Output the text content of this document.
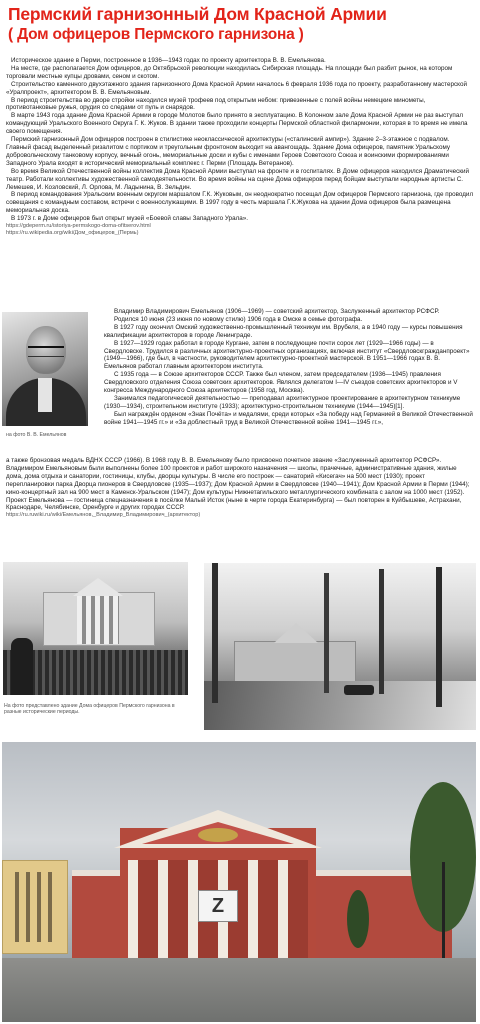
Пермский гарнизонный Дом Красной Армии
( Дом офицеров Пермского гарнизона )

Историческое здание в Перми, построенное в 1936—1943 годах по проекту архитектора В. В. Емельянова.

На месте, где располагается Дом офицеров, до Октябрьской революции находилась Сибирская площадь. На площади был разбит рынок, на котором торговали местные купцы дровами, сеном и скотом.

Строительство каменного двухэтажного здания гарнизонного Дома Красной Армии началось 6 февраля 1936 года по проекту, разработанному мастерской «Уралпроект», архитектором В. В. Емельяновым.

В период строительства во дворе стройки находился музей трофеев под открытым небом: привезенные с полей войны немецкие минометы, противотанковые ружья, орудия со следами от пуль и снарядов.

В марте 1943 года здание Дома Красной Армии в городе Молотов было принято в эксплуатацию. В Колонном зале Дома Красной Армии не раз выступал командующий Уральского Военного Округа Г. К. Жуков. В здании также проходили концерты Пермской областной филармонии, которая в то время не имела своего помещения.

Пермский гарнизонный Дом офицеров построен в стилистике неоклассической архитектуры («сталинский ампир»). Здание 2–3-этажное с подвалом. Главный фасад выделенный ризалитом с портиком и треугольным фронтоном выходит на авангощадь. Здание Дома офицеров, памятник Уральскому добровольческому танковому корпусу, вечный огонь, мемориальные доски и кубы с именами Героев Советского Союза и воинскими формированиями Западного Урала входят в исторический мемориальный комплекс г. Перми (Площадь Ветеранов).

Во время Великой Отечественной войны коллектив Дома Красной Армии выступал на фронте и в госпиталях. В Доме офицеров находился Драматический театр. Работали коллективы художественной самодеятельности. Во время войны на сцене Дома офицеров перед бойцам выступали народные артисты С. Лемешев, И. Козловский, Л. Орлова, М. Ладынина, В. Зельдин.

В период командования Уральским военным округом маршалом Г.К. Жуковым, он неоднократно посещал Дом офицеров Пермского гарнизона, где проводил совещания с командным составом, встречи с военнослужащими. В 1997 году в честь маршала Г.К.Жукова на здании Дома офицеров была размещена мемориальная доска.

В 1973 г. в Доме офицеров был открыт музей «Боевой славы Западного Урала».

https://gdeperm.ru/istoriya-permskogo-doma-ofitserov.html
https://ru.wikipedia.org/wiki/Дом_офицеров_(Пермь)
на фото В. В. Емельянов

Владимир Владимирович Емельянов (1906—1969) — советский архитектор, Заслуженный архитектор РСФСР.

Родился 10 июня (23 июня по новому стилю) 1906 года в Омске в семье фотографа.

В 1927 году окончил Омский художественно-промышленный техникум им. Врубеля, а в 1940 году — курсы повышения квалификации архитекторов в городе Ленинграде.

В 1927—1929 годах работал в городе Кургане, затем в последующие почти сорок лет (1929—1966 годы) — в Свердловске. Трудился в различных архитектурно-проектных организациях, включая институт «Свердловскгражданпроект» (1949—1966), где был, в частности, руководителем архитектурно-проектной мастерской. В 1951—1966 годах В. В. Емельянов работал главным архитектором института.

С 1935 года — в Союзе архитекторов СССР. Также был членом, затем председателем (1936—1945) правления Свердловского отделения Союза советских архитекторов. Являлся делегатом I—IV съездов советских архитекторов и V конгресса Международного Союза архитекторов (1958 год, Москва).

Занимался педагогической деятельностью — преподавал архитектурное проектирование в архитектурном техникуме (1930—1934), строительном институте (1933); архитектурно-строительном техникуме (1944—1945)[1].

Был награждён орденом «Знак Почёта» и медалями, среди которых «За победу над Германией в Великой Отечественной войне 1941—1945 гг.» и «За доблестный труд в Великой Отечественной войне 1941—1945 гг.»,

а также бронзовая медаль ВДНХ СССР (1966). В 1968 году В. В. Емельянову было присвоено почетное звание «Заслуженный архитектор РСФСР».

Владимиром Емельяновым были выполнены более 100 проектов и работ широкого назначения — школы, прачечные, административные здания, жилые дома, дома отдыха и санатории, гостиницы, клубы, дворцы культуры. В числе его построек — санаторий «Кисегач» на 500 мест (1930); проект перепланировки парка Дворца пионеров в Свердловске (1935—1937); Дом Красной Армии в Свердловске (1940—1941); Дом Красной Армии в Перми (1944); кино-концертный зал на 900 мест в Каменск-Уральском (1947); Дом культуры Нижнетагильского металлургического комбината с залом на 1000 мест (1952). Проект Емельянова — гостиница спецназначения в посёлке Малый Исток (ныне в черте города Екатеринбурга) — был повторен в Куйбышеве, Астрахани, Краснодаре, Челябинске, Оренбурге и других городах СССР.

https://ru.ruwiki.ru/wiki/Емельянов,_Владимир_Владимирович_(архитектор)

На фото представлено здание Дома офицеров Пермского гарнизона в разные исторические периоды.
Z
